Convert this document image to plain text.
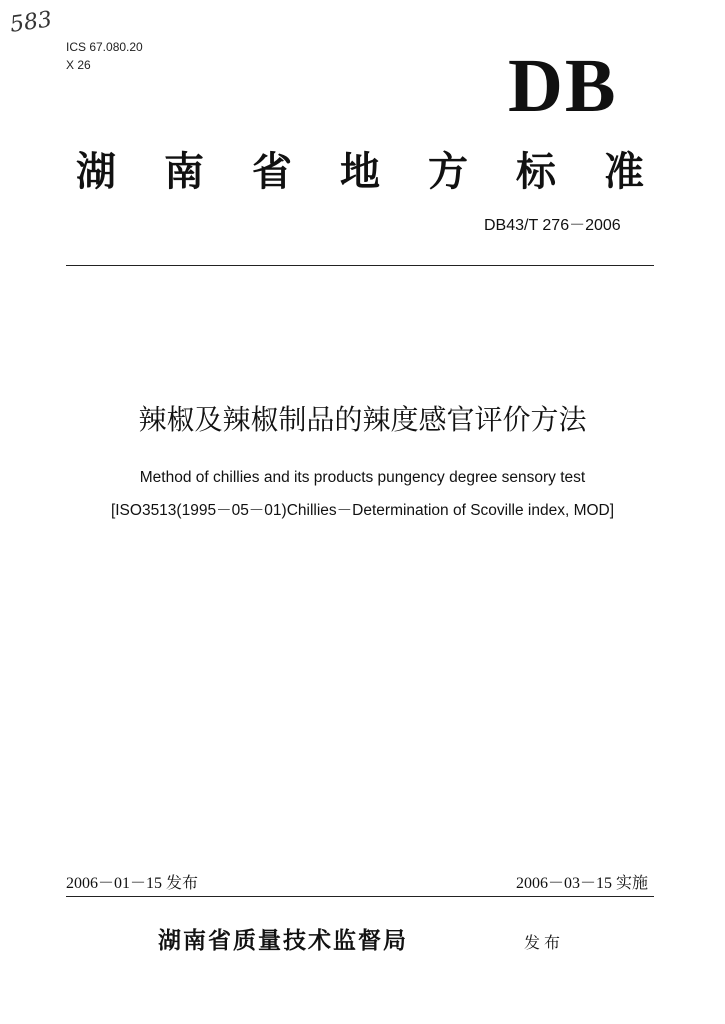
583
ICS 67.080.20
X 26	DB
湖南省地方标准
DB43/T 276－2006
辣椒及辣椒制品的辣度感官评价方法
Method of chillies and its products pungency degree sensory test
[ISO3513(1995－05－01)Chillies－Determination of Scoville index, MOD]
2006－01－15 发布	2006－03－15 实施
湖南省质量技术监督局	发布
